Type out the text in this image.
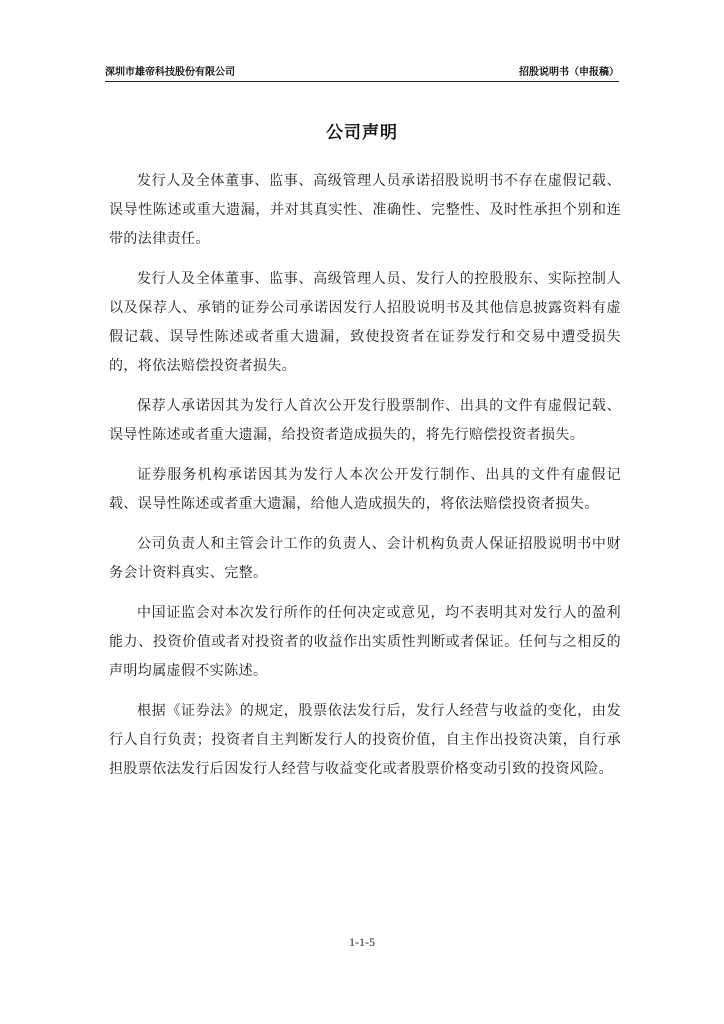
深圳市雄帝科技股份有限公司	招股说明书（申报稿）
公司声明

发行人及全体董事、监事、高级管理人员承诺招股说明书不存在虚假记载、误导性陈述或重大遗漏，并对其真实性、准确性、完整性、及时性承担个别和连带的法律责任。

发行人及全体董事、监事、高级管理人员、发行人的控股股东、实际控制人以及保荐人、承销的证券公司承诺因发行人招股说明书及其他信息披露资料有虚假记载、误导性陈述或者重大遗漏，致使投资者在证券发行和交易中遭受损失的，将依法赔偿投资者损失。

保荐人承诺因其为发行人首次公开发行股票制作、出具的文件有虚假记载、误导性陈述或者重大遗漏，给投资者造成损失的，将先行赔偿投资者损失。

证券服务机构承诺因其为发行人本次公开发行制作、出具的文件有虚假记载、误导性陈述或者重大遗漏，给他人造成损失的，将依法赔偿投资者损失。

公司负责人和主管会计工作的负责人、会计机构负责人保证招股说明书中财务会计资料真实、完整。

中国证监会对本次发行所作的任何决定或意见，均不表明其对发行人的盈利能力、投资价值或者对投资者的收益作出实质性判断或者保证。任何与之相反的声明均属虚假不实陈述。

根据《证券法》的规定，股票依法发行后，发行人经营与收益的变化，由发行人自行负责；投资者自主判断发行人的投资价值，自主作出投资决策，自行承担股票依法发行后因发行人经营与收益变化或者股票价格变动引致的投资风险。

1-1-5
